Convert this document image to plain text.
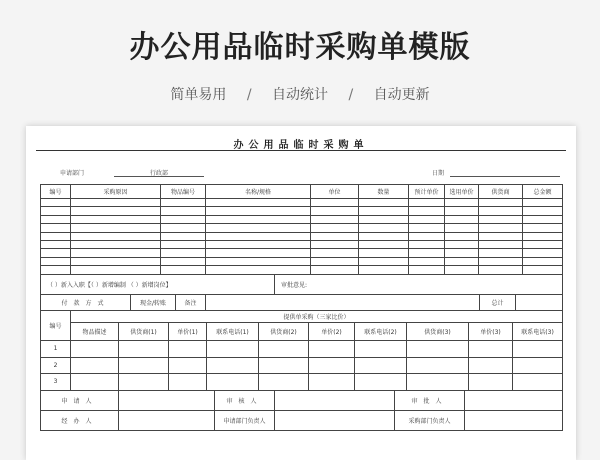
办公用品临时采购单模版
简单易用 / 自动统计 / 自动更新
办公用品临时采购单
申请部门	行政部	日期
编号	采购原因	物品编号	名称/规格	单位	数量	预计单价	选用单价	供货商	总金额

（ ）新入入职【（ ）新增编制 （ ）新增岗位】	审批意见:
付款方式	现金/转账	备注		总计	
编号	提供单采购（三家比价）									
	物品描述	供货商(1)	单价(1)	联系电话(1)	供货商(2)	单价(2)	联系电话(2)	供货商(3)	单价(3)	联系电话(3)
1										
2										
3										
申请人		审核人		审批人	
经办人		申请部门负责人		采购部门负责人	
